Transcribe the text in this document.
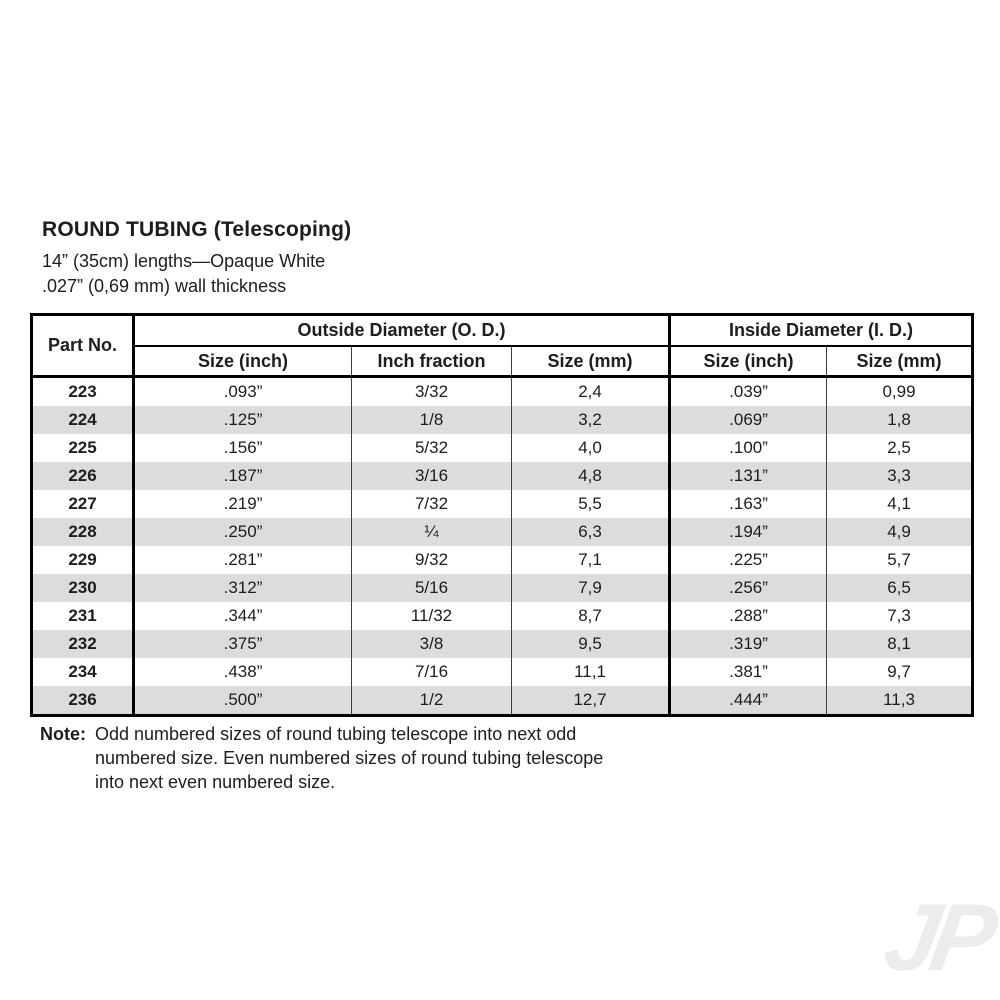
ROUND TUBING (Telescoping)

14” (35cm) lengths—Opaque White

.027” (0,69 mm) wall thickness

Part No.	Outside Diameter (O. D.)			Inside Diameter (I. D.)	
	Size (inch)	Inch fraction	Size (mm)	Size (inch)	Size (mm)
223	.093”	3/32	2,4	.039”	0,99
224	.125”	1/8	3,2	.069”	1,8
225	.156”	5/32	4,0	.100”	2,5
226	.187”	3/16	4,8	.131”	3,3
227	.219”	7/32	5,5	.163”	4,1
228	.250”	¼	6,3	.194”	4,9
229	.281”	9/32	7,1	.225”	5,7
230	.312”	5/16	7,9	.256”	6,5
231	.344”	11/32	8,7	.288”	7,3
232	.375”	3/8	9,5	.319”	8,1
234	.438”	7/16	11,1	.381”	9,7
236	.500”	1/2	12,7	.444”	11,3
Note: Odd numbered sizes of round tubing telescope into next odd
numbered size. Even numbered sizes of round tubing telescope
into next even numbered size.
JP
